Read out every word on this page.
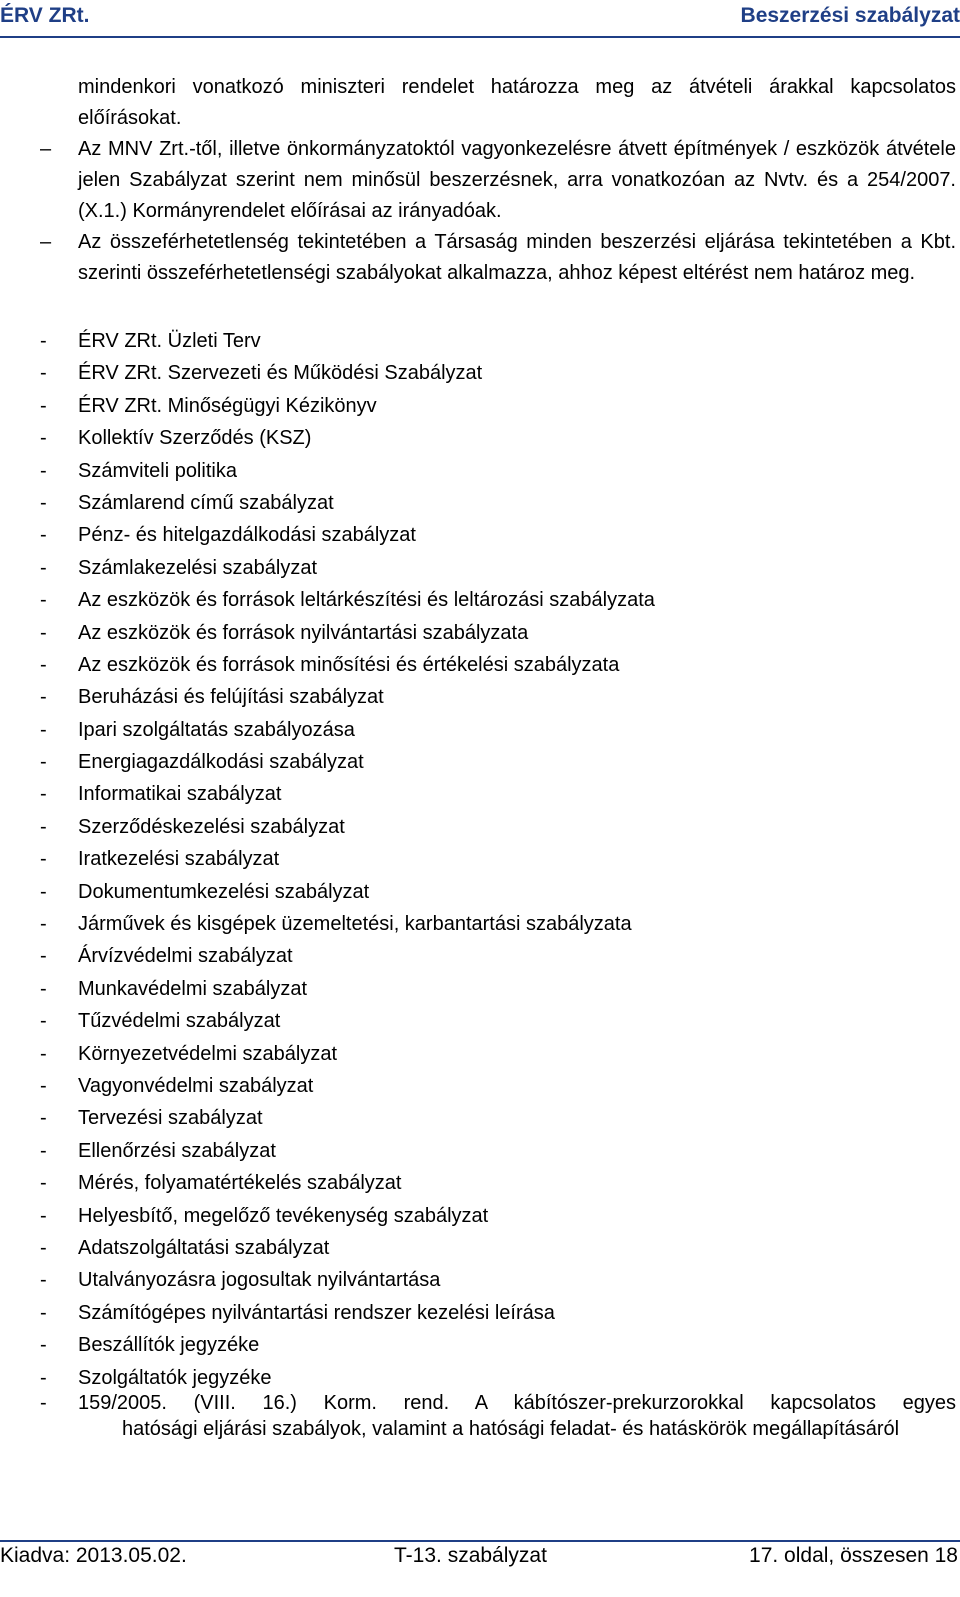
ÉRV ZRt.	Beszerzési szabályzat
mindenkori vonatkozó miniszteri rendelet határozza meg az átvételi árakkal kapcsolatos előírásokat.
–	Az MNV Zrt.-től, illetve önkormányzatoktól vagyonkezelésre átvett építmények / eszközök átvétele jelen Szabályzat szerint nem minősül beszerzésnek, arra vonatkozóan az Nvtv. és a 254/2007. (X.1.) Kormányrendelet előírásai az irányadóak.
–	Az összeférhetetlenség tekintetében a Társaság minden beszerzési eljárása tekintetében a Kbt. szerinti összeférhetetlenségi szabályokat alkalmazza, ahhoz képest eltérést nem határoz meg.
- ÉRV ZRt. Üzleti Terv
- ÉRV ZRt. Szervezeti és Működési Szabályzat
- ÉRV ZRt. Minőségügyi Kézikönyv
- Kollektív Szerződés (KSZ)
- Számviteli politika
- Számlarend című szabályzat
- Pénz- és hitelgazdálkodási szabályzat
- Számlakezelési szabályzat
- Az eszközök és források leltárkészítési és leltározási szabályzata
- Az eszközök és források nyilvántartási szabályzata
- Az eszközök és források minősítési és értékelési szabályzata
- Beruházási és felújítási szabályzat
- Ipari szolgáltatás szabályozása
- Energiagazdálkodási szabályzat
- Informatikai szabályzat
- Szerződéskezelési szabályzat
- Iratkezelési szabályzat
- Dokumentumkezelési szabályzat
- Járművek és kisgépek üzemeltetési, karbantartási szabályzata
- Árvízvédelmi szabályzat
- Munkavédelmi szabályzat
- Tűzvédelmi szabályzat
- Környezetvédelmi szabályzat
- Vagyonvédelmi szabályzat
- Tervezési szabályzat
- Ellenőrzési szabályzat
- Mérés, folyamatértékelés szabályzat
- Helyesbítő, megelőző tevékenység szabályzat
- Adatszolgáltatási szabályzat
- Utalványozásra jogosultak nyilvántartása
- Számítógépes nyilvántartási rendszer kezelési leírása
- Beszállítók jegyzéke
- Szolgáltatók jegyzéke
- 159/2005. (VIII. 16.) Korm. rend. A kábítószer-prekurzorokkal kapcsolatos egyes
hatósági eljárási szabályok, valamint a hatósági feladat- és hatáskörök megállapításáról
Kiadva: 2013.05.02.	T-13. szabályzat	17. oldal, összesen 18
